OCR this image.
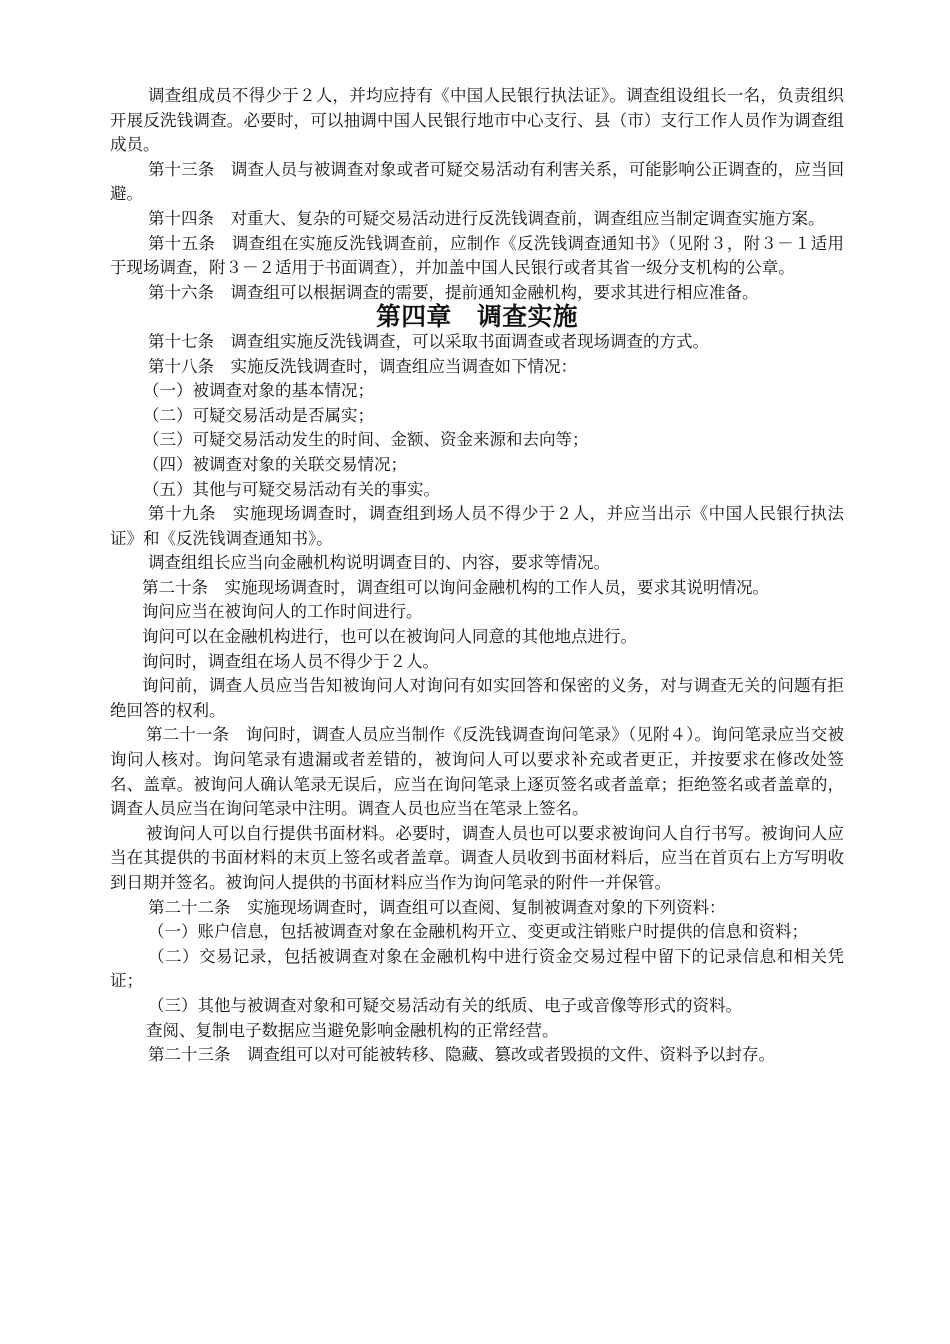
调查组成员不得少于２人，并均应持有《中国人民银行执法证》。调查组设组长一名，负责组织开展反洗钱调查。必要时，可以抽调中国人民银行地市中心支行、县（市）支行工作人员作为调查组成员。

第十三条　调查人员与被调查对象或者可疑交易活动有利害关系，可能影响公正调查的，应当回避。

第十四条　对重大、复杂的可疑交易活动进行反洗钱调查前，调查组应当制定调查实施方案。

第十五条　调查组在实施反洗钱调查前，应制作《反洗钱调查通知书》（见附３，附３－１适用于现场调查，附３－２适用于书面调查），并加盖中国人民银行或者其省一级分支机构的公章。

第十六条　调查组可以根据调查的需要，提前通知金融机构，要求其进行相应准备。

第四章　调查实施

第十七条　调查组实施反洗钱调查，可以采取书面调查或者现场调查的方式。

第十八条　实施反洗钱调查时，调查组应当调查如下情况：

（一）被调查对象的基本情况；

（二）可疑交易活动是否属实；

（三）可疑交易活动发生的时间、金额、资金来源和去向等；

（四）被调查对象的关联交易情况；

（五）其他与可疑交易活动有关的事实。

第十九条　实施现场调查时，调查组到场人员不得少于２人，并应当出示《中国人民银行执法证》和《反洗钱调查通知书》。

调查组组长应当向金融机构说明调查目的、内容，要求等情况。

第二十条　实施现场调查时，调查组可以询问金融机构的工作人员，要求其说明情况。

询问应当在被询问人的工作时间进行。

询问可以在金融机构进行，也可以在被询问人同意的其他地点进行。

询问时，调查组在场人员不得少于２人。

询问前，调查人员应当告知被询问人对询问有如实回答和保密的义务，对与调查无关的问题有拒绝回答的权利。

第二十一条　询问时，调查人员应当制作《反洗钱调查询问笔录》（见附４）。询问笔录应当交被询问人核对。询问笔录有遗漏或者差错的，被询问人可以要求补充或者更正，并按要求在修改处签名、盖章。被询问人确认笔录无误后，应当在询问笔录上逐页签名或者盖章；拒绝签名或者盖章的，调查人员应当在询问笔录中注明。调查人员也应当在笔录上签名。

被询问人可以自行提供书面材料。必要时，调查人员也可以要求被询问人自行书写。被询问人应当在其提供的书面材料的末页上签名或者盖章。调查人员收到书面材料后，应当在首页右上方写明收到日期并签名。被询问人提供的书面材料应当作为询问笔录的附件一并保管。

第二十二条　实施现场调查时，调查组可以查阅、复制被调查对象的下列资料：

（一）账户信息，包括被调查对象在金融机构开立、变更或注销账户时提供的信息和资料；

（二）交易记录，包括被调查对象在金融机构中进行资金交易过程中留下的记录信息和相关凭证；

（三）其他与被调查对象和可疑交易活动有关的纸质、电子或音像等形式的资料。

查阅、复制电子数据应当避免影响金融机构的正常经营。

第二十三条　调查组可以对可能被转移、隐藏、篡改或者毁损的文件、资料予以封存。
